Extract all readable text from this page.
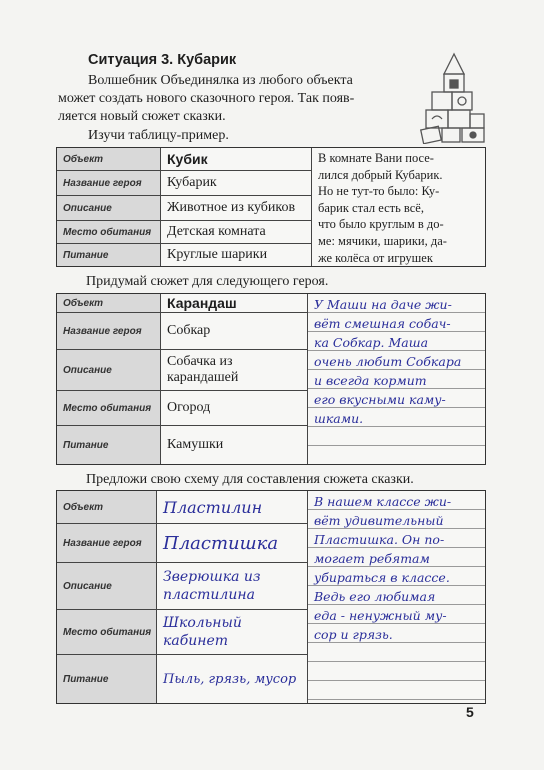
Ситуация 3. Кубарик
Волшебник Объединялка из любого объекта
может создать нового сказочного героя. Так появ-
ляется новый сюжет сказки.
Изучи таблицу-пример.
Объект
Название героя
Описание
Место обитания
Питание
Кубик
Кубарик
Животное из кубиков
Детская комната
Круглые шарики
В комнате Вани посе-
лился добрый Кубарик.
Но не тут-то было: Ку-
барик стал есть всё,
что было круглым в до-
ме: мячики, шарики, да-
же колёса от игрушек
Придумай сюжет для следующего героя.
Объект
Название героя
Описание
Место обитания
Питание
Карандаш
Собкар
Собачка из
карандашей
Огород
Камушки
У Маши на даче жи-
вёт смешная собач-
ка Собкар. Маша
очень любит Собкара
и всегда кормит
его вкусными каму-
шками.
Предложи свою схему для составления сюжета сказки.
Объект
Название героя
Описание
Место обитания
Питание
Пластилин
Пластишка
Зверюшка из
пластилина
Школьный
кабинет
Пыль, грязь, мусор
В нашем классе жи-
вёт удивительный
Пластишка. Он по-
могает ребятам
убираться в классе.
Ведь его любимая
еда - ненужный му-
сор и грязь.
5
